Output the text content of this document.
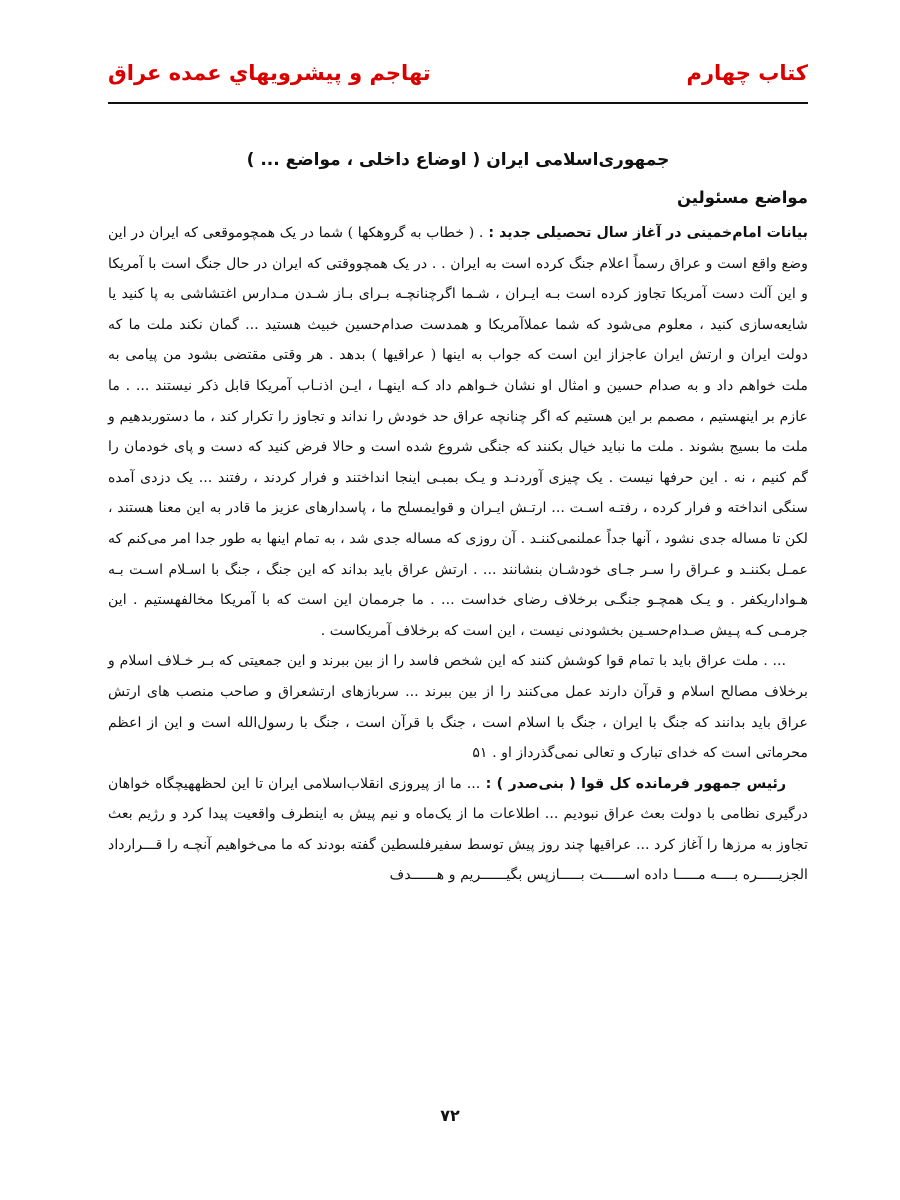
کتاب چهارم
تهاجم و پيشرويهاي عمده عراق
جمهوری‌اسلامی ایران ( اوضاع داخلی ، مواضع ... )
مواضع مسئولین

بیانات امام‌خمینی در آغاز سال تحصیلی جدید : . ( خطاب به گروهکها ) شما در یک همچوموقعی که ایران در این وضع واقع است و عراق رسماً اعلام جنگ کرده است به ایران . . در یک همچووقتی که ایران در حال جنگ است با آمریکا و این آلت دست آمریکا تجاوز کرده است بـه ایـران ، شـما اگرچنانچـه بـرای بـاز شـدن مـدارس اغتشاشی به پا کنید یا شایعه‌سازی کنید ، معلوم می‌شود که شما عملاآمریکا و همدست صدام‌حسین خبیث هستید ... گمان نکند ملت ما که دولت ایران و ارتش ایران عاجزاز این است که جواب به اینها ( عراقیها ) بدهد . هر وقتی مقتضی بشود من پیامی به ملت خواهم داد و به صدام حسین و امثال او نشان خـواهم داد کـه اینهـا ، ایـن اذنـاب آمریکا قابل ذکر نیستند ... . ما عازم بر اینهستیم ، مصمم بر این هستیم که اگر چنانچه عراق حد خودش را نداند و تجاوز را تکرار کند ، ما دستوربدهیم و ملت ما بسیج بشوند . ملت ما نباید خیال بکنند که جنگی شروع شده است و حالا فرض کنید که دست و پای خودمان را گم کنیم ، نه . این حرفها نیست . یک چیزی آوردنـد و یـک بمبـی اینجا انداختند و فرار کردند ، رفتند ... یک دزدی آمده سنگی انداخته و فرار کرده ، رفتـه اسـت ... ارتـش ایـران و قوایمسلح ما ، پاسدارهای عزیز ما قادر به این معنا هستند ، لکن تا مساله جدی نشود ، آنها جداً عملنمی‌کننـد . آن روزی که مساله جدی شد ، به تمام اینها به طور جدا امر می‌کنم که عمـل بکننـد و عـراق را سـر جـای خودشـان بنشانند ... . ارتش عراق باید بداند که این جنگ ، جنگ با اسـلام اسـت بـه هـواداریکفر . و یـک همچـو جنگـی برخلاف رضای خداست ... . ما جرممان این است که با آمریکا مخالفهستیم . این جرمـی کـه پـیش صـدام‌حسـین بخشودنی نیست ، این است که برخلاف آمریکاست .

... . ملت عراق باید با تمام قوا کوشش کنند که این شخص فاسد را از بین ببرند و این جمعیتی که بـر خـلاف اسلام و برخلاف مصالح اسلام و قرآن دارند عمل می‌کنند را از بین ببرند ... سربازهای ارتشعراق و صاحب منصب های ارتش عراق باید بدانند که جنگ با ایران ، جنگ با اسلام است ، جنگ با قرآن است ، جنگ با رسول‌الله است و این از اعظم محرماتی است که خدای تبارک و تعالی نمی‌گذرداز او . ۵۱

رئیس جمهور فرمانده کل قوا ( بنی‌صدر ) : ... ما از پیروزی انقلاب‌اسلامی ایران تا این لحظههیچگاه خواهان درگیری نظامی با دولت بعث عراق نبودیم ... اطلاعات ما از یک‌ماه و نیم پیش به اینطرف واقعیت پیدا کرد و رژیم بعث تجاوز به مرزها را آغاز کرد ... عراقیها چند روز پیش توسط سفیرفلسطین گفته بودند که ما می‌خواهیم آنچـه را قـــرارداد الجزیـــــره بــــه مـــــا داده اســـــت بـــــازپس بگیــــــریم و هــــــدف

۷۲
